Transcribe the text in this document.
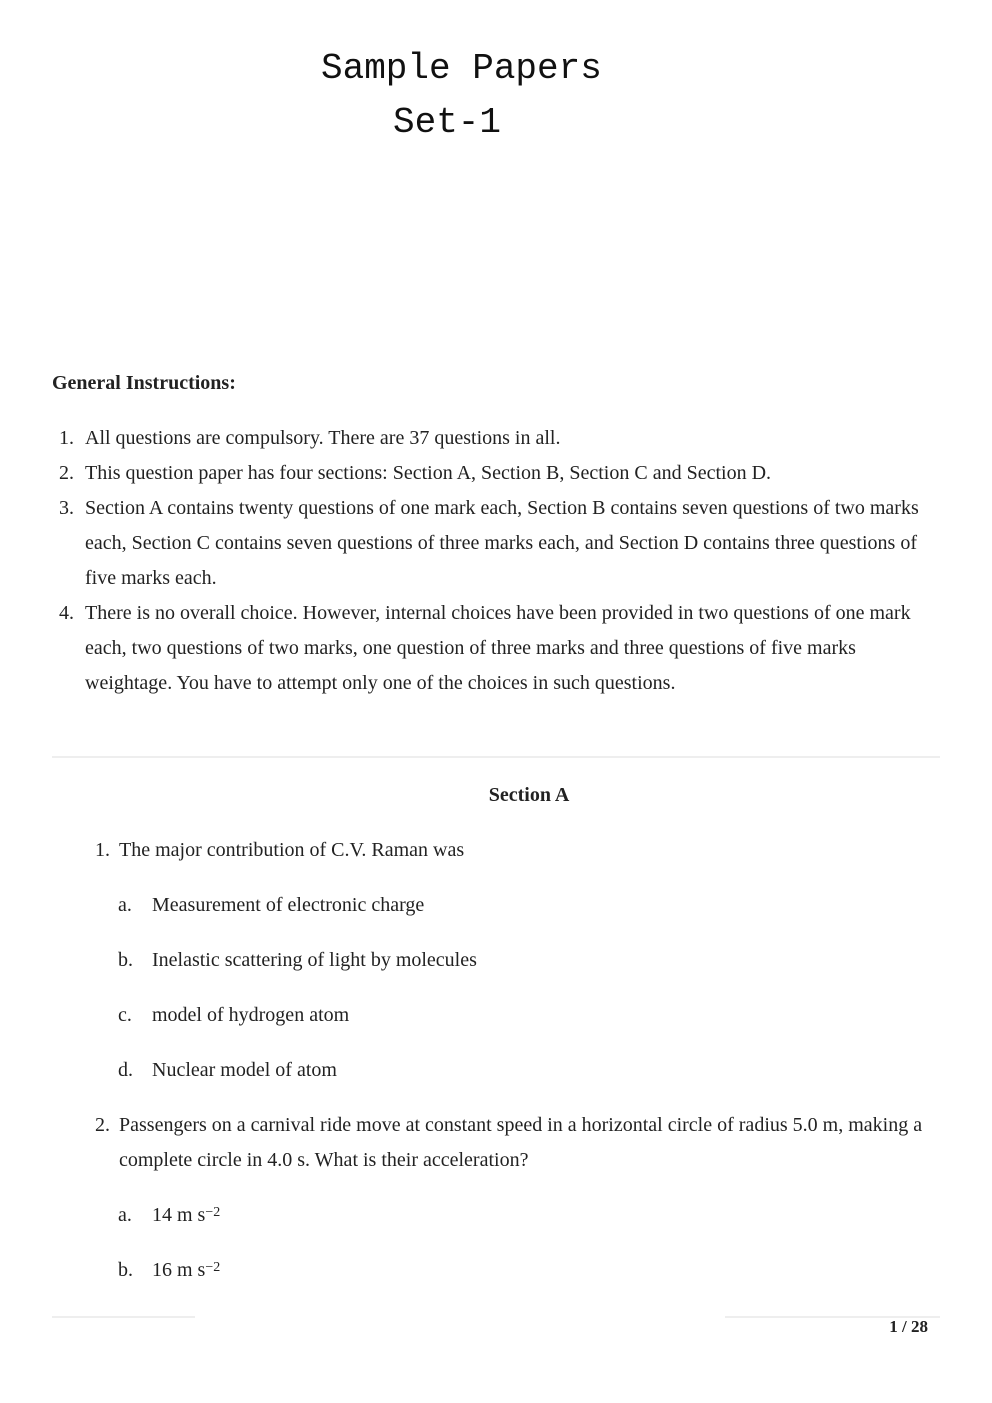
Sample Papers
Set-1
General Instructions:
1. All questions are compulsory. There are 37 questions in all.
2. This question paper has four sections: Section A, Section B, Section C and Section D.
3. Section A contains twenty questions of one mark each, Section B contains seven questions of two marks each, Section C contains seven questions of three marks each, and Section D contains three questions of five marks each.
4. There is no overall choice. However, internal choices have been provided in two questions of one mark each, two questions of two marks, one question of three marks and three questions of five marks weightage. You have to attempt only one of the choices in such questions.
Section A
1. The major contribution of C.V. Raman was
a. Measurement of electronic charge
b. Inelastic scattering of light by molecules
c. model of hydrogen atom
d. Nuclear model of atom
2. Passengers on a carnival ride move at constant speed in a horizontal circle of radius 5.0 m, making a complete circle in 4.0 s. What is their acceleration?
a. 14 m $s^{-2}$
b. 16 m $s^{-2}$
1 / 28
